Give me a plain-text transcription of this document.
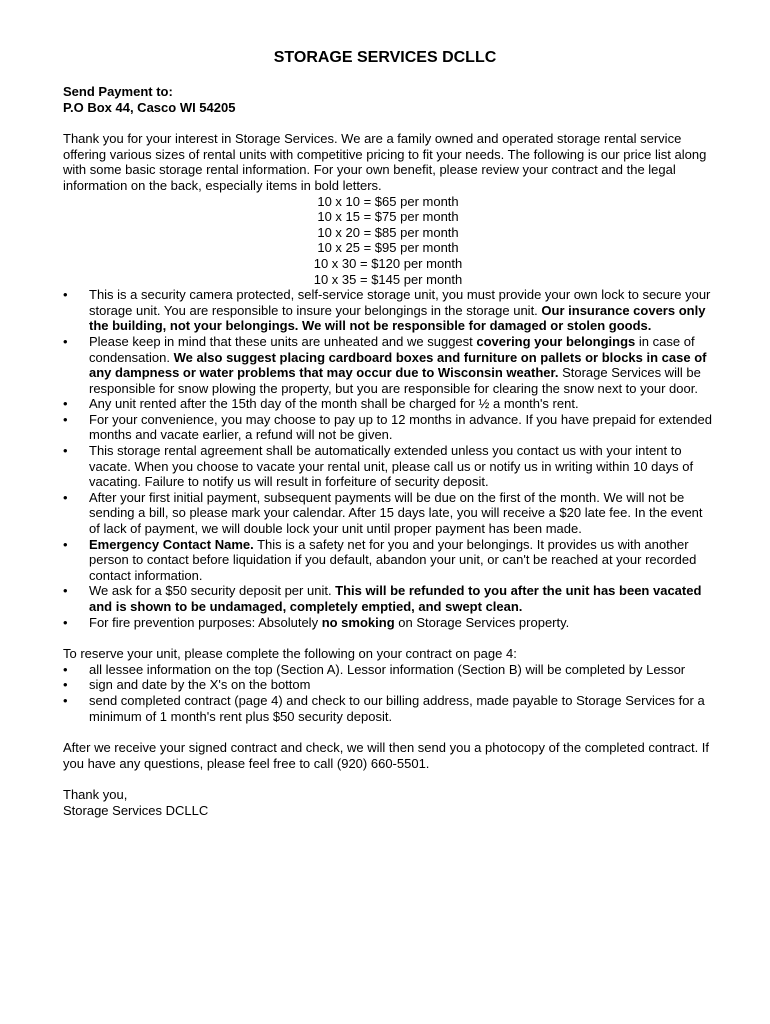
STORAGE SERVICES DCLLC
Send Payment to:
P.O Box 44, Casco WI 54205

Thank you for your interest in Storage Services. We are a family owned and operated storage rental service offering various sizes of rental units with competitive pricing to fit your needs. The following is our price list along with some basic storage rental information. For your own benefit, please review your contract and the legal information on the back, especially items in bold letters.

10 x 10 = $65 per month
10 x 15 = $75 per month
10 x 20 = $85 per month
10 x 25 = $95 per month
10 x 30 = $120 per month
10 x 35 = $145 per month
•	This is a security camera protected, self-service storage unit, you must provide your own lock to secure your storage unit. You are responsible to insure your belongings in the storage unit. Our insurance covers only the building, not your belongings. We will not be responsible for damaged or stolen goods.
•	Please keep in mind that these units are unheated and we suggest covering your belongings in case of condensation. We also suggest placing cardboard boxes and furniture on pallets or blocks in case of any dampness or water problems that may occur due to Wisconsin weather. Storage Services will be responsible for snow plowing the property, but you are responsible for clearing the snow next to your door.
•	Any unit rented after the 15th day of the month shall be charged for ½ a month's rent.
•	For your convenience, you may choose to pay up to 12 months in advance. If you have prepaid for extended months and vacate earlier, a refund will not be given.
•	This storage rental agreement shall be automatically extended unless you contact us with your intent to vacate. When you choose to vacate your rental unit, please call us or notify us in writing within 10 days of vacating. Failure to notify us will result in forfeiture of security deposit.
•	After your first initial payment, subsequent payments will be due on the first of the month. We will not be sending a bill, so please mark your calendar. After 15 days late, you will receive a $20 late fee. In the event of lack of payment, we will double lock your unit until proper payment has been made.
•	Emergency Contact Name. This is a safety net for you and your belongings. It provides us with another person to contact before liquidation if you default, abandon your unit, or can't be reached at your recorded contact information.
•	We ask for a $50 security deposit per unit. This will be refunded to you after the unit has been vacated and is shown to be undamaged, completely emptied, and swept clean.
•	For fire prevention purposes: Absolutely no smoking on Storage Services property.

To reserve your unit, please complete the following on your contract on page 4:

•	all lessee information on the top (Section A). Lessor information (Section B) will be completed by Lessor
•	sign and date by the X's on the bottom
•	send completed contract (page 4) and check to our billing address, made payable to Storage Services for a minimum of 1 month's rent plus $50 security deposit.

After we receive your signed contract and check, we will then send you a photocopy of the completed contract. If you have any questions, please feel free to call (920) 660-5501.

Thank you,
Storage Services DCLLC
